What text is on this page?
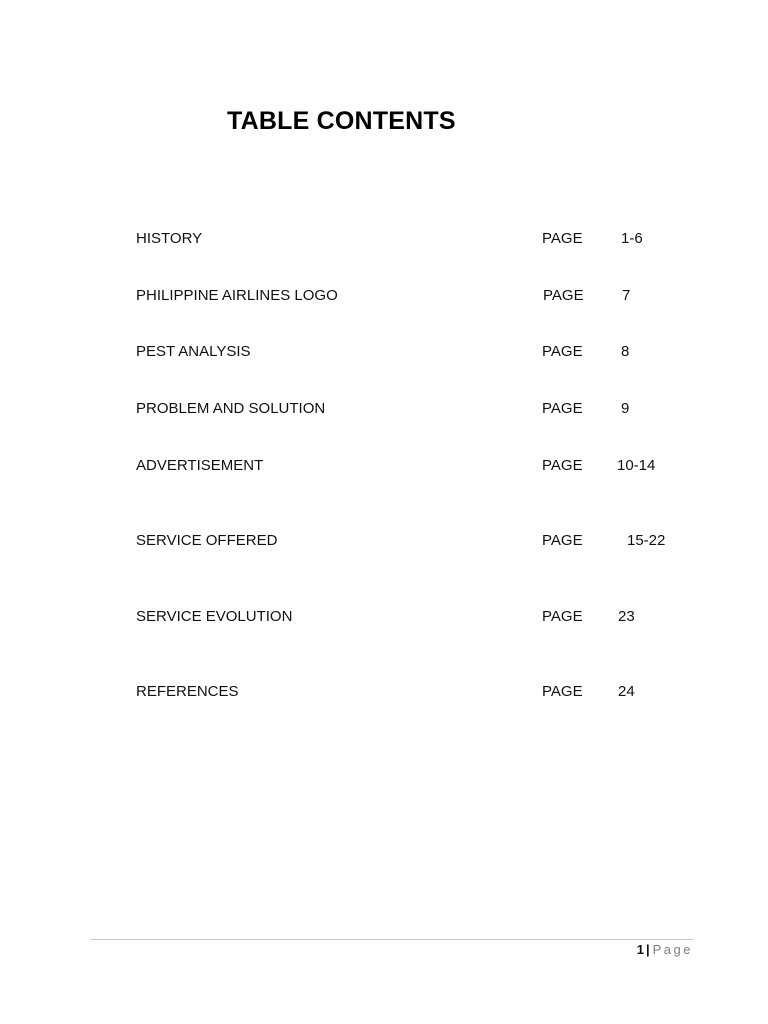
TABLE CONTENTS
HISTORY	PAGE	1-6
PHILIPPINE AIRLINES LOGO	PAGE	7
PEST ANALYSIS	PAGE	8
PROBLEM AND SOLUTION	PAGE	9
ADVERTISEMENT	PAGE 10-14
SERVICE OFFERED	PAGE	15-22
SERVICE EVOLUTION	PAGE 23
REFERENCES	PAGE 24
1 | Page
